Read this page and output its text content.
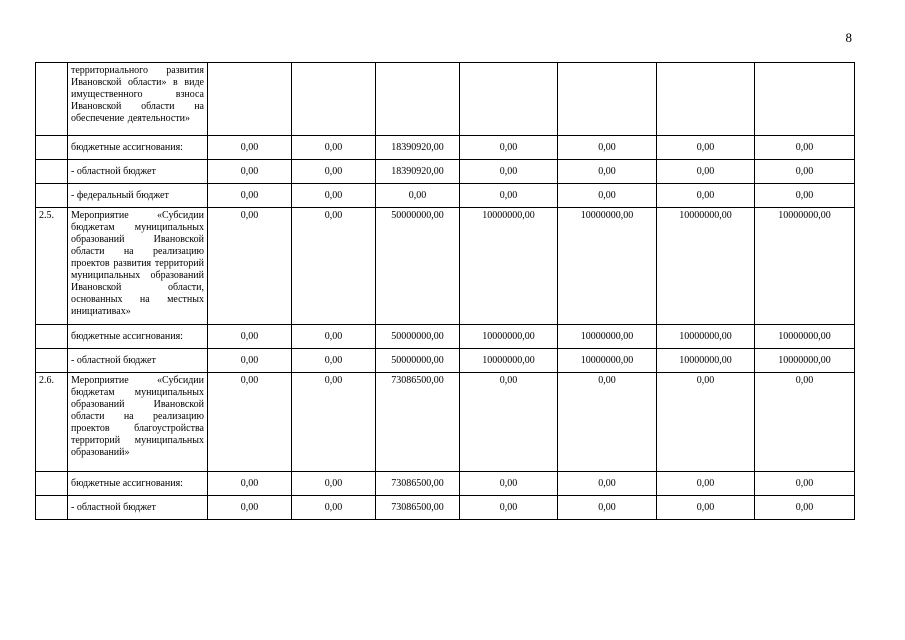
8
	территориального развития Ивановской области» в виде имущественного взноса Ивановской области на обеспечение деятельности»							
	бюджетные ассигнования:	0,00	0,00	18390920,00	0,00	0,00	0,00	0,00
	- областной бюджет	0,00	0,00	18390920,00	0,00	0,00	0,00	0,00
	- федеральный бюджет	0,00	0,00	0,00	0,00	0,00	0,00	0,00
2.5.	Мероприятие «Субсидии бюджетам муниципальных образований Ивановской области на реализацию проектов развития территорий муниципальных образований Ивановской области, основанных на местных инициативах»	0,00	0,00	50000000,00	10000000,00	10000000,00	10000000,00	10000000,00
	бюджетные ассигнования:	0,00	0,00	50000000,00	10000000,00	10000000,00	10000000,00	10000000,00
	- областной бюджет	0,00	0,00	50000000,00	10000000,00	10000000,00	10000000,00	10000000,00
2.6.	Мероприятие «Субсидии бюджетам муниципальных образований Ивановской области на реализацию проектов благоустройства территорий муниципальных образований»	0,00	0,00	73086500,00	0,00	0,00	0,00	0,00
	бюджетные ассигнования:	0,00	0,00	73086500,00	0,00	0,00	0,00	0,00
	- областной бюджет	0,00	0,00	73086500,00	0,00	0,00	0,00	0,00
